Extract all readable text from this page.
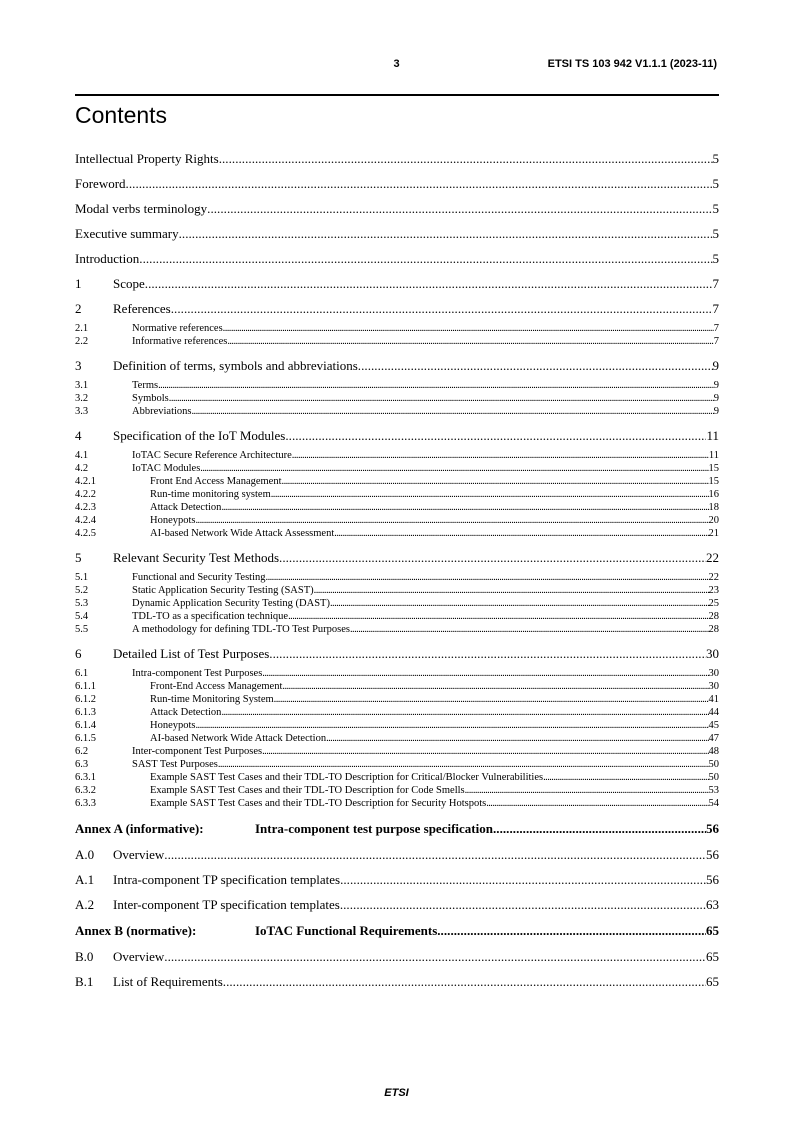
3	ETSI TS 103 942 V1.1.1 (2023-11)
Contents
Intellectual Property Rights . . .	5
Foreword . . .	5
Modal verbs terminology . . .	5
Executive summary . . .	5
Introduction . . .	5
1	Scope . . .	7
2	References . . .	7
2.1	Normative references . . .	7
2.2	Informative references . . .	7
3	Definition of terms, symbols and abbreviations . . .	9
3.1	Terms . . .	9
3.2	Symbols . . .	9
3.3	Abbreviations . . .	9
4	Specification of the IoT Modules . . .	11
4.1	IoTAC Secure Reference Architecture . . .	11
4.2	IoTAC Modules . . .	15
4.2.1	Front End Access Management . . .	15
4.2.2	Run-time monitoring system . . .	16
4.2.3	Attack Detection . . .	18
4.2.4	Honeypots . . .	20
4.2.5	AI-based Network Wide Attack Assessment . . .	21
5	Relevant Security Test Methods . . .	22
5.1	Functional and Security Testing . . .	22
5.2	Static Application Security Testing (SAST) . . .	23
5.3	Dynamic Application Security Testing (DAST) . . .	25
5.4	TDL-TO as a specification technique . . .	28
5.5	A methodology for defining TDL-TO Test Purposes . . .	28
6	Detailed List of Test Purposes . . .	30
6.1	Intra-component Test Purposes . . .	30
6.1.1	Front-End Access Management . . .	30
6.1.2	Run-time Monitoring System . . .	41
6.1.3	Attack Detection . . .	44
6.1.4	Honeypots . . .	45
6.1.5	AI-based Network Wide Attack Detection . . .	47
6.2	Inter-component Test Purposes . . .	48
6.3	SAST Test Purposes . . .	50
6.3.1	Example SAST Test Cases and their TDL-TO Description for Critical/Blocker Vulnerabilities . . .	50
6.3.2	Example SAST Test Cases and their TDL-TO Description for Code Smells . . .	53
6.3.3	Example SAST Test Cases and their TDL-TO Description for Security Hotspots . . .	54
Annex A (informative):	Intra-component test purpose specification . . .	56
A.0	Overview . . .	56
A.1	Intra-component TP specification templates . . .	56
A.2	Inter-component TP specification templates . . .	63
Annex B (normative):	IoTAC Functional Requirements . . .	65
B.0	Overview . . .	65
B.1	List of Requirements . . .	65
ETSI
